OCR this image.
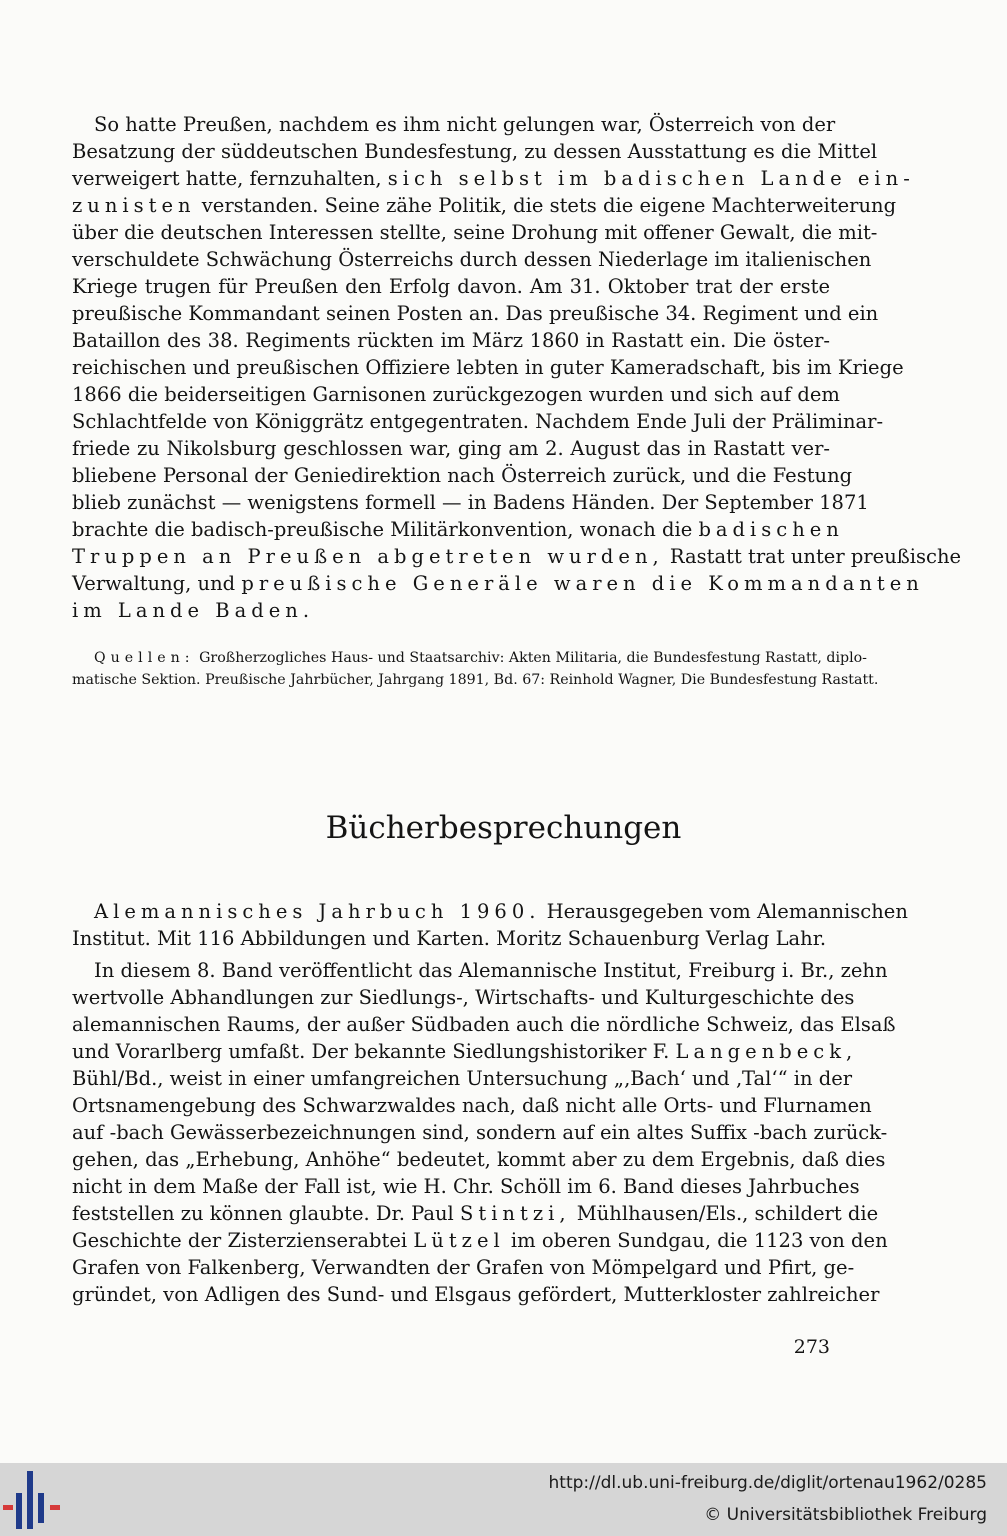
So hatte Preußen, nachdem es ihm nicht gelungen war, Österreich von der
Besatzung der süddeutschen Bundesfestung, zu dessen Ausstattung es die Mittel
verweigert hatte, fernzuhalten, sich selbst im badischen Lande ein-
zunisten verstanden. Seine zähe Politik, die stets die eigene Machterweiterung
über die deutschen Interessen stellte, seine Drohung mit offener Gewalt, die mit-
verschuldete Schwächung Österreichs durch dessen Niederlage im italienischen
Kriege trugen für Preußen den Erfolg davon. Am 31. Oktober trat der erste
preußische Kommandant seinen Posten an. Das preußische 34. Regiment und ein
Bataillon des 38. Regiments rückten im März 1860 in Rastatt ein. Die öster-
reichischen und preußischen Offiziere lebten in guter Kameradschaft, bis im Kriege
1866 die beiderseitigen Garnisonen zurückgezogen wurden und sich auf dem
Schlachtfelde von Königgrätz entgegentraten. Nachdem Ende Juli der Präliminar-
friede zu Nikolsburg geschlossen war, ging am 2. August das in Rastatt ver-
bliebene Personal der Geniedirektion nach Österreich zurück, und die Festung
blieb zunächst — wenigstens formell — in Badens Händen. Der September 1871
brachte die badisch-preußische Militärkonvention, wonach die badischen
Truppen an Preußen abgetreten wurden, Rastatt trat unter preußische
Verwaltung, und preußische Generäle waren die Kommandanten
im Lande Baden.
Quellen: Großherzogliches Haus- und Staatsarchiv: Akten Militaria, die Bundesfestung Rastatt, diplo-
matische Sektion. Preußische Jahrbücher, Jahrgang 1891, Bd. 67: Reinhold Wagner, Die Bundesfestung Rastatt.
Bücherbesprechungen
Alemannisches Jahrbuch 1960. Herausgegeben vom Alemannischen
Institut. Mit 116 Abbildungen und Karten. Moritz Schauenburg Verlag Lahr.
In diesem 8. Band veröffentlicht das Alemannische Institut, Freiburg i. Br., zehn
wertvolle Abhandlungen zur Siedlungs-, Wirtschafts- und Kulturgeschichte des
alemannischen Raums, der außer Südbaden auch die nördliche Schweiz, das Elsaß
und Vorarlberg umfaßt. Der bekannte Siedlungshistoriker F. Langenbeck,
Bühl/Bd., weist in einer umfangreichen Untersuchung „‚Bach‘ und ‚Tal‘“ in der
Ortsnamengebung des Schwarzwaldes nach, daß nicht alle Orts- und Flurnamen
auf -bach Gewässerbezeichnungen sind, sondern auf ein altes Suffix -bach zurück-
gehen, das „Erhebung, Anhöhe“ bedeutet, kommt aber zu dem Ergebnis, daß dies
nicht in dem Maße der Fall ist, wie H. Chr. Schöll im 6. Band dieses Jahrbuches
feststellen zu können glaubte. Dr. Paul Stintzi, Mühlhausen/Els., schildert die
Geschichte der Zisterzienserabtei Lützel im oberen Sundgau, die 1123 von den
Grafen von Falkenberg, Verwandten der Grafen von Mömpelgard und Pfirt, ge-
gründet, von Adligen des Sund- und Elsgaus gefördert, Mutterkloster zahlreicher
273
http://dl.ub.uni-freiburg.de/diglit/ortenau1962/0285
© Universitätsbibliothek Freiburg
